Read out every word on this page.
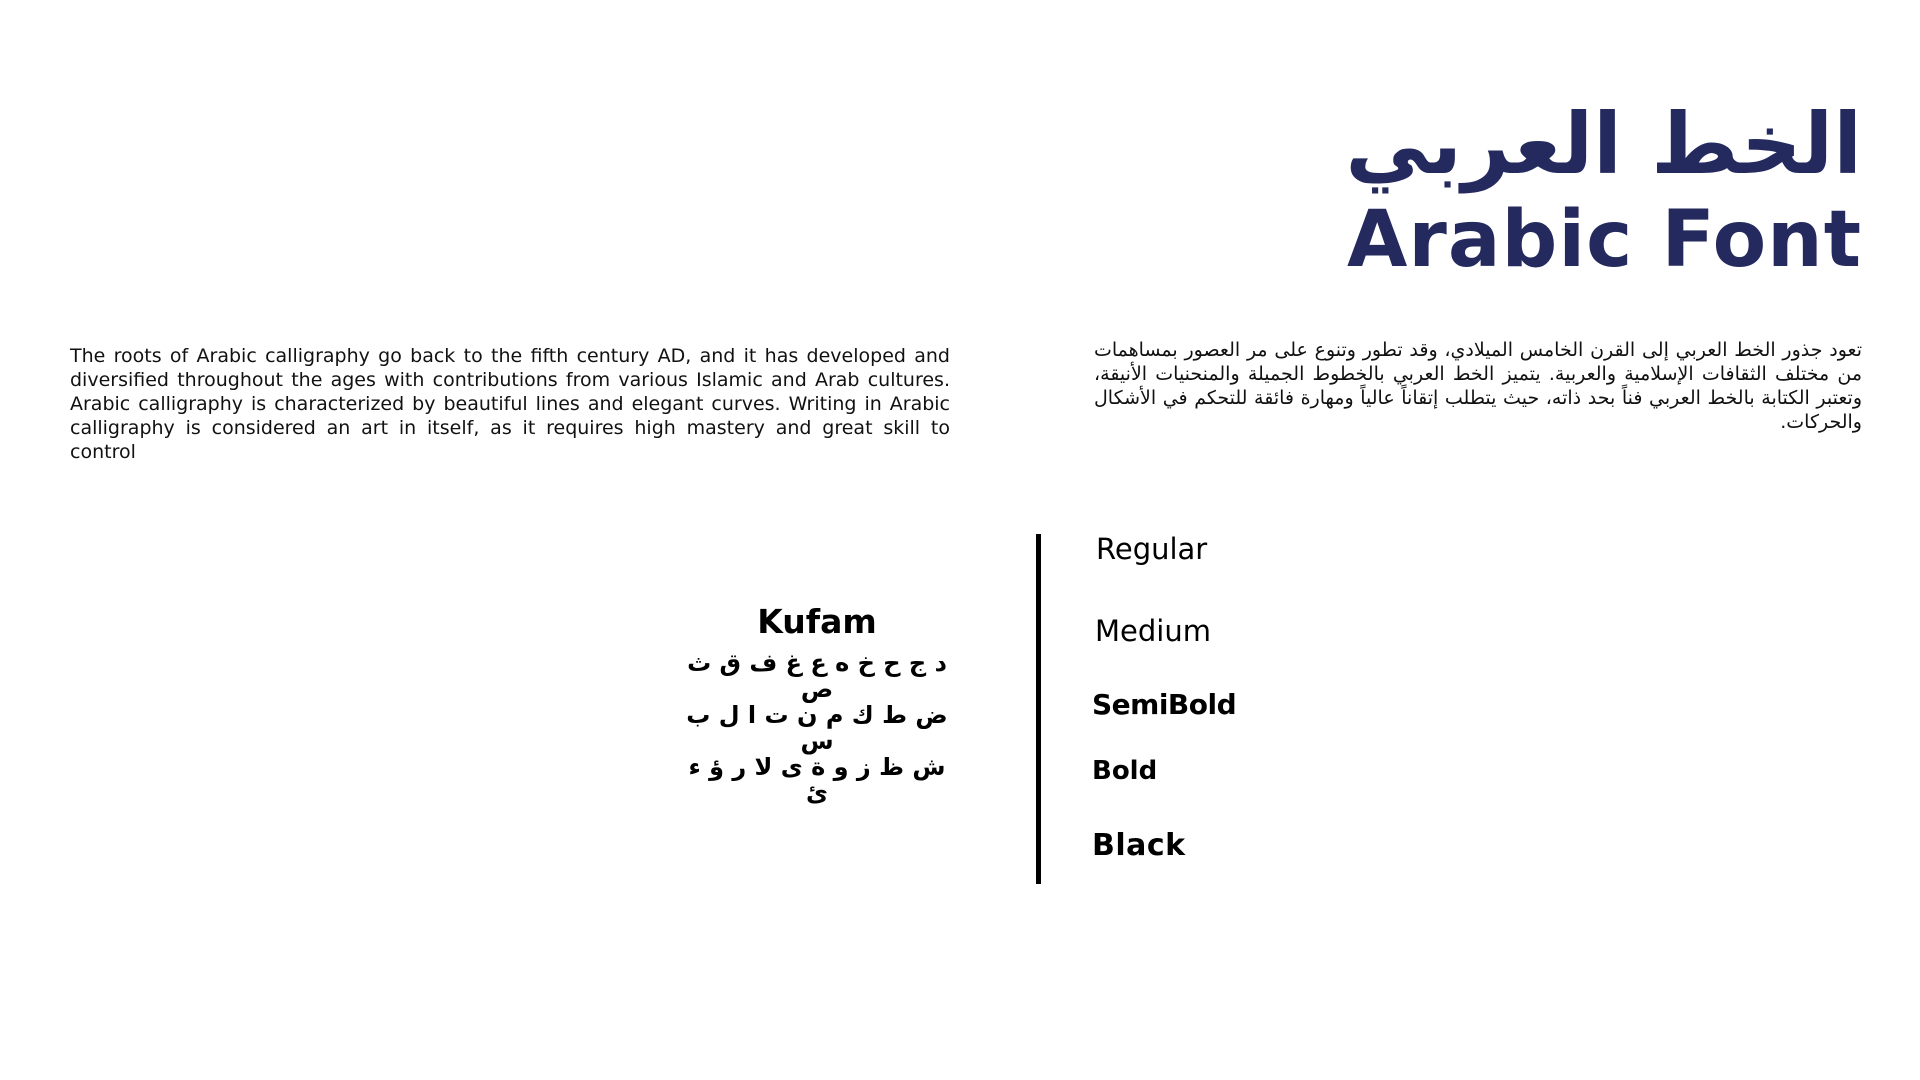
الخط العربي

Arabic Font

The roots of Arabic calligraphy go back to the fifth century AD, and it has developed and diversified throughout the ages with contributions from various Islamic and Arab cultures. Arabic calligraphy is characterized by beautiful lines and elegant curves. Writing in Arabic calligraphy is considered an art in itself, as it requires high mastery and great skill to control

تعود جذور الخط العربي إلى القرن الخامس الميلادي، وقد تطور وتنوع على مر العصور بمساهمات من مختلف الثقافات الإسلامية والعربية. يتميز الخط العربي بالخطوط الجميلة والمنحنيات الأنيقة، وتعتبر الكتابة بالخط العربي فناً بحد ذاته، حيث يتطلب إتقاناً عالياً ومهارة فائقة للتحكم في الأشكال والحركات.

Kufam

د ج ح خ ه ع غ ف ق ث ص

ض ط ك م ن ت ا ل ب س

ش ظ ز و ة ى لا ر ؤ ء ئ

Regular

Medium

SemiBold

Bold

Black
